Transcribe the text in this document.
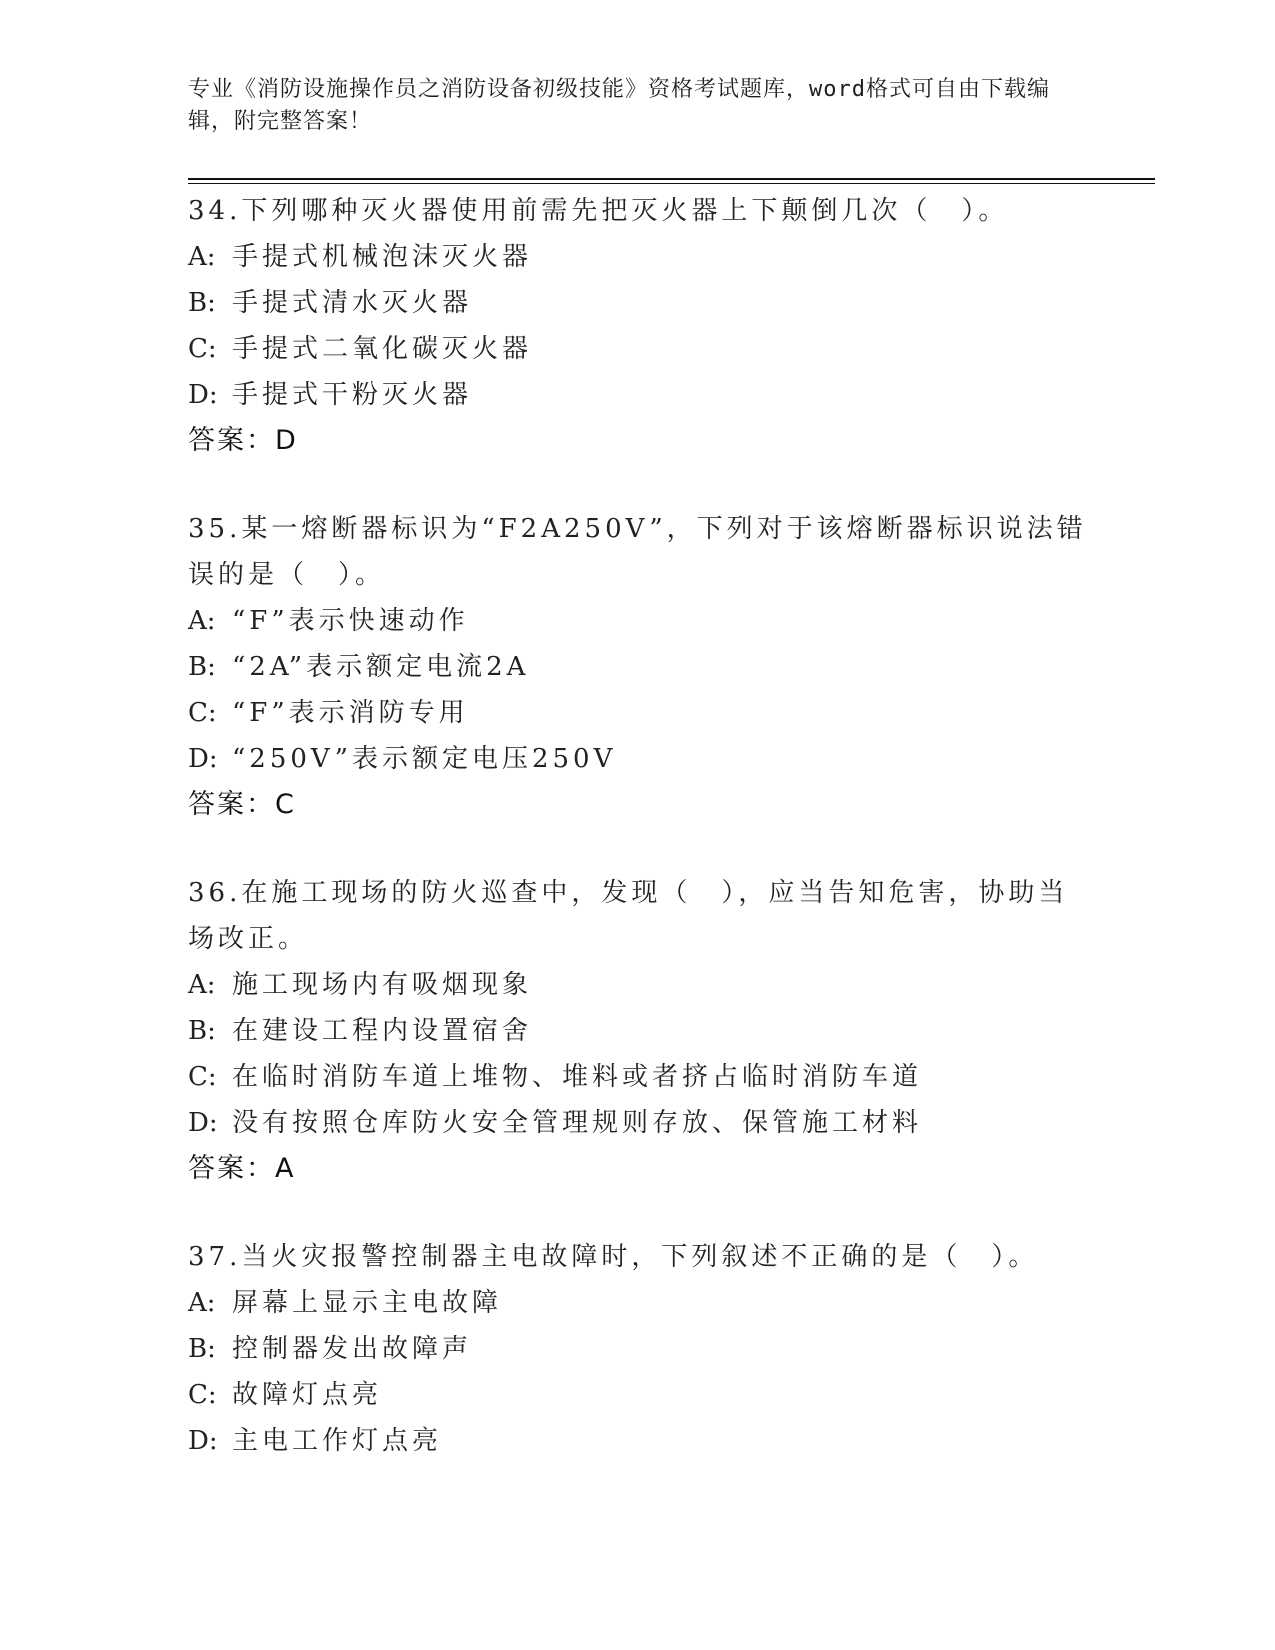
专业《消防设施操作员之消防设备初级技能》资格考试题库，word格式可自由下载编辑，附完整答案！

34.下列哪种灭火器使用前需先把灭火器上下颠倒几次（　）。

A: 手提式机械泡沫灭火器
B: 手提式清水灭火器
C: 手提式二氧化碳灭火器
D: 手提式干粉灭火器
答案：D

35.某一熔断器标识为“F2A250V”，下列对于该熔断器标识说法错误的是（　）。

A: “F”表示快速动作
B: “2A”表示额定电流2A
C: “F”表示消防专用
D: “250V”表示额定电压250V
答案：C

36.在施工现场的防火巡查中，发现（　），应当告知危害，协助当场改正。

A: 施工现场内有吸烟现象
B: 在建设工程内设置宿舍
C: 在临时消防车道上堆物、堆料或者挤占临时消防车道
D: 没有按照仓库防火安全管理规则存放、保管施工材料
答案：A

37.当火灾报警控制器主电故障时，下列叙述不正确的是（　）。

A: 屏幕上显示主电故障
B: 控制器发出故障声
C: 故障灯点亮
D: 主电工作灯点亮
